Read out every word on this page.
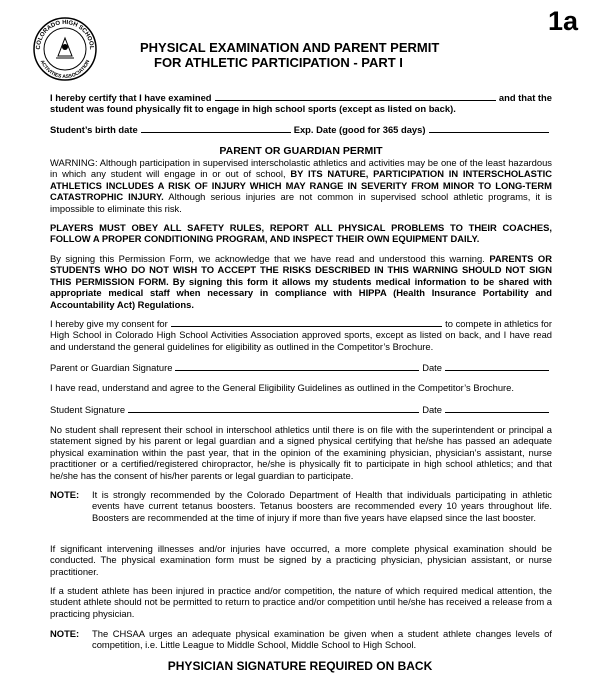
COLORADO HIGH SCHOOL
ACTIVITIES ASSOCIATION
1a
PHYSICAL EXAMINATION AND PARENT PERMIT
FOR ATHLETIC PARTICIPATION - PART I
I hereby certify that I have examined	and that the
student was found physically fit to engage in high school sports (except as listed on back).
Student’s birth date	Exp. Date (good for 365 days)
PARENT OR GUARDIAN PERMIT
WARNING: Although participation in supervised interscholastic athletics and activities may be one of the least hazardous in which any student will engage in or out of school, BY ITS NATURE, PARTICIPATION IN INTERSCHOLASTIC ATHLETICS INCLUDES A RISK OF INJURY WHICH MAY RANGE IN SEVERITY FROM MINOR TO LONG-TERM CATASTROPHIC INJURY. Although serious injuries are not common in supervised school athletic programs, it is impossible to eliminate this risk.
PLAYERS MUST OBEY ALL SAFETY RULES, REPORT ALL PHYSICAL PROBLEMS TO THEIR COACHES, FOLLOW A PROPER CONDITIONING PROGRAM, AND INSPECT THEIR OWN EQUIPMENT DAILY.
By signing this Permission Form, we acknowledge that we have read and understood this warning. PARENTS OR STUDENTS WHO DO NOT WISH TO ACCEPT THE RISKS DESCRIBED IN THIS WARNING SHOULD NOT SIGN THIS PERMISSION FORM. By signing this form it allows my students medical information to be shared with appropriate medical staff when necessary in compliance with HIPPA (Health Insurance Portability and Accountability Act) Regulations.
I hereby give my consent for	to compete in athletics for
High School in Colorado High School Activities Association approved sports, except as listed on back, and I have read and understand the general guidelines for eligibility as outlined in the Competitor’s Brochure.
Parent or Guardian Signature	Date
I have read, understand and agree to the General Eligibility Guidelines as outlined in the Competitor’s Brochure.
Student Signature	Date
No student shall represent their school in interschool athletics until there is on file with the superintendent or principal a statement signed by his parent or legal guardian and a signed physical certifying that he/she has passed an adequate physical examination within the past year, that in the opinion of the examining physician, physician’s assistant, nurse practitioner or a certified/registered chiropractor, he/she is physically fit to participate in high school athletics; and that he/she has the consent of his/her parents or legal guardian to participate.
NOTE: It is strongly recommended by the Colorado Department of Health that individuals participating in athletic events have current tetanus boosters. Tetanus boosters are recommended every 10 years throughout life. Boosters are recommended at the time of injury if more than five years have elapsed since the last booster.
If significant intervening illnesses and/or injuries have occurred, a more complete physical examination should be conducted. The physical examination form must be signed by a practicing physician, physician assistant, or nurse practitioner.
If a student athlete has been injured in practice and/or competition, the nature of which required medical attention, the student athlete should not be permitted to return to practice and/or competition until he/she has received a release from a practicing physician.
NOTE: The CHSAA urges an adequate physical examination be given when a student athlete changes levels of competition, i.e. Little League to Middle School, Middle School to High School.
PHYSICIAN SIGNATURE REQUIRED ON BACK
